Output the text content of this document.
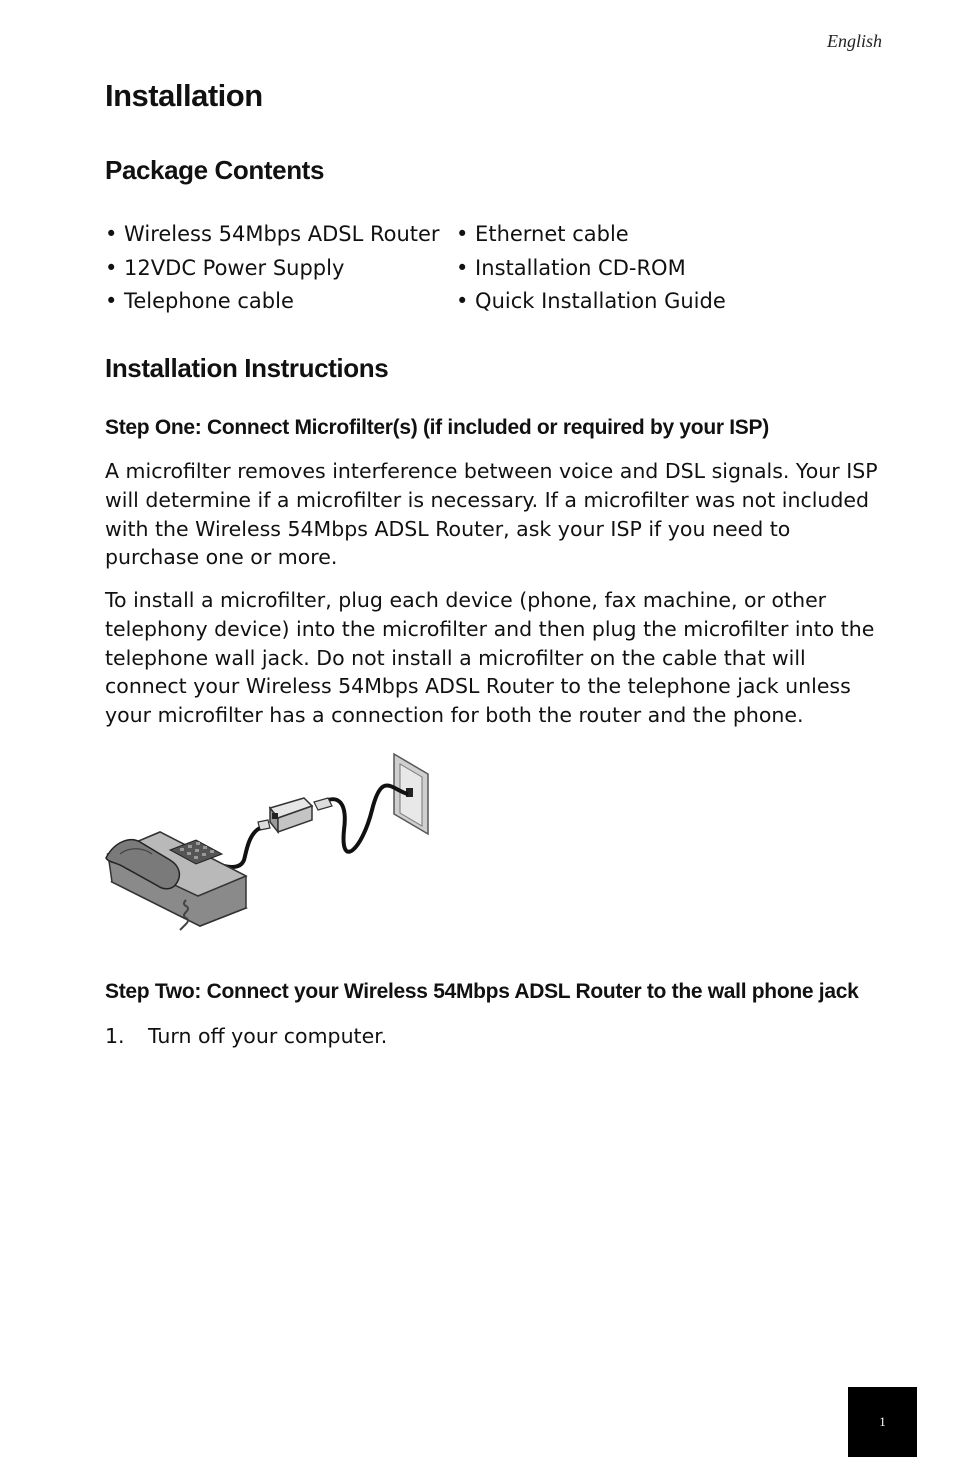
English
Installation
Package Contents
• Wireless 54Mbps ADSL Router
• 12VDC Power Supply
• Telephone cable
• Ethernet cable
• Installation CD-ROM
• Quick Installation Guide
Installation Instructions
Step One: Connect Microfilter(s) (if included or required by your ISP)

A microfilter removes interference between voice and DSL signals. Your ISP will determine if a microfilter is necessary. If a microfilter was not included with the Wireless 54Mbps ADSL Router, ask your ISP if you need to purchase one or more.

To install a microfilter, plug each device (phone, fax machine, or other telephony device) into the microfilter and then plug the microfilter into the telephone wall jack. Do not install a microfilter on the cable that will connect your Wireless 54Mbps ADSL Router to the telephone jack unless your microfilter has a connection for both the router and the phone.

Step Two: Connect your Wireless 54Mbps ADSL Router to the wall phone jack
1. Turn off your computer.
1
